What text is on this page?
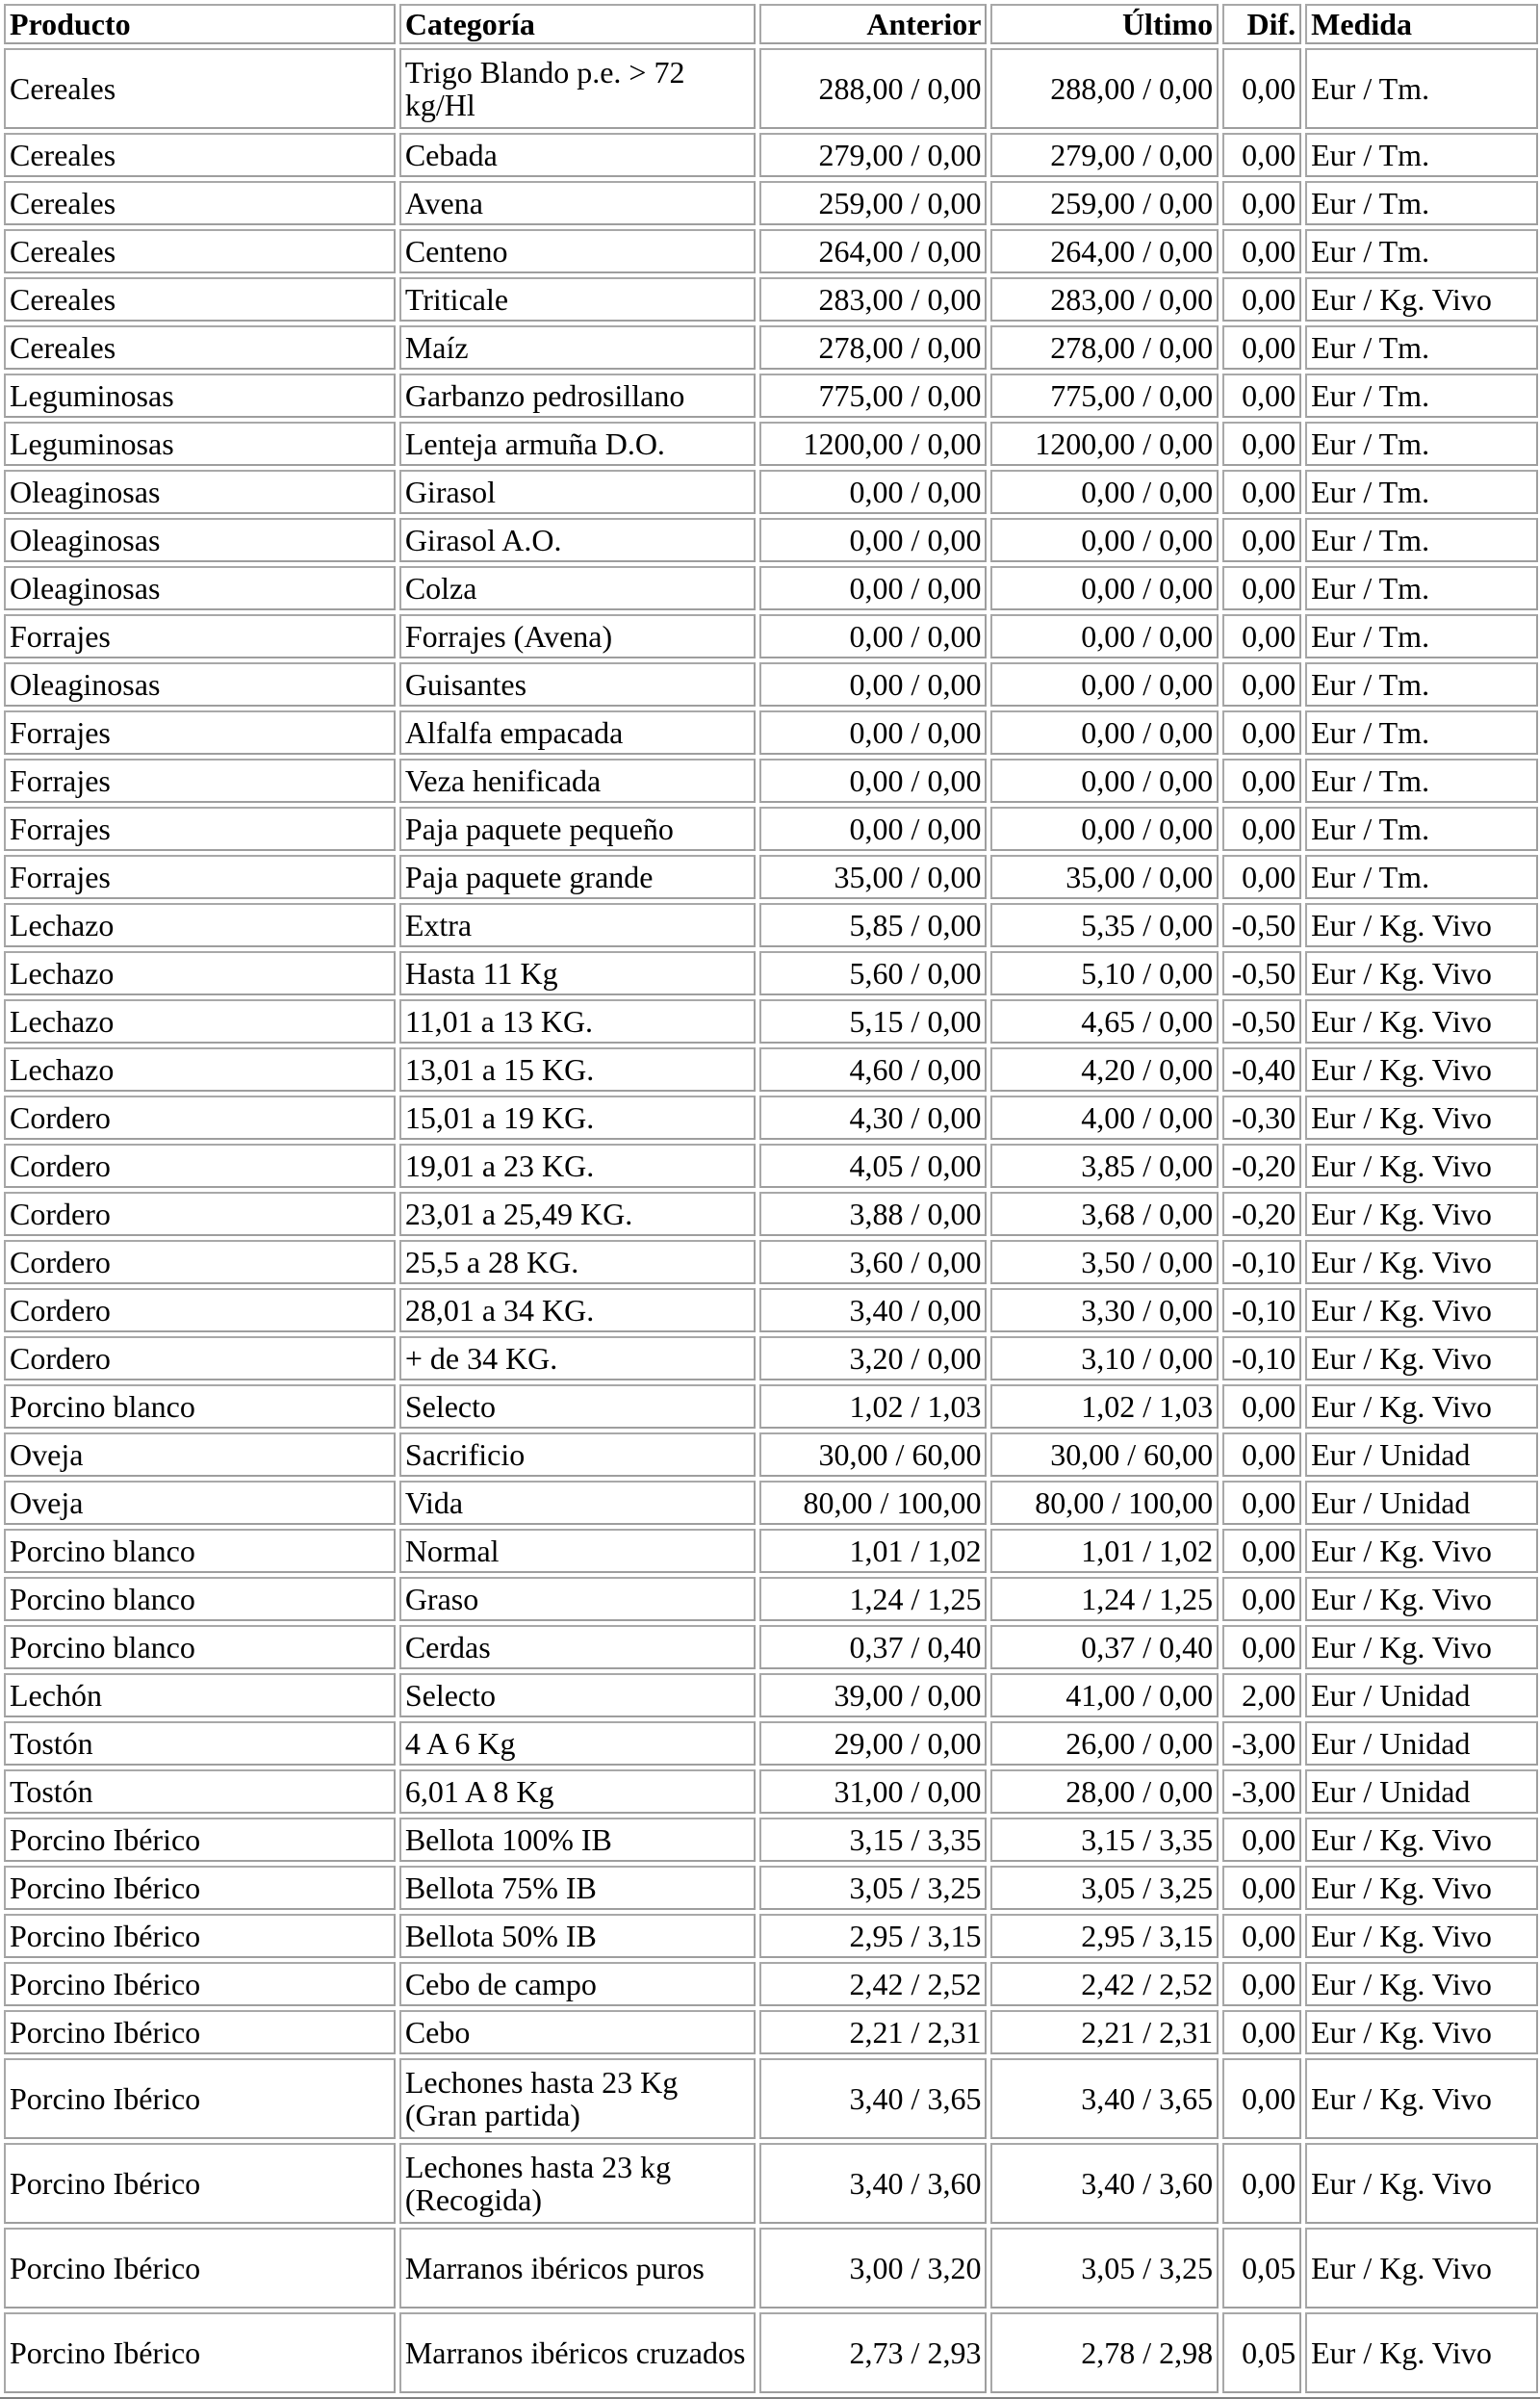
Producto	Categoría	Anterior	Último	Dif.	Medida
Cereales	Trigo Blando p.e. > 72 kg/Hl	288,00 / 0,00	288,00 / 0,00	0,00	Eur / Tm.
Cereales	Cebada	279,00 / 0,00	279,00 / 0,00	0,00	Eur / Tm.
Cereales	Avena	259,00 / 0,00	259,00 / 0,00	0,00	Eur / Tm.
Cereales	Centeno	264,00 / 0,00	264,00 / 0,00	0,00	Eur / Tm.
Cereales	Triticale	283,00 / 0,00	283,00 / 0,00	0,00	Eur / Kg. Vivo
Cereales	Maíz	278,00 / 0,00	278,00 / 0,00	0,00	Eur / Tm.
Leguminosas	Garbanzo pedrosillano	775,00 / 0,00	775,00 / 0,00	0,00	Eur / Tm.
Leguminosas	Lenteja armuña D.O.	1200,00 / 0,00	1200,00 / 0,00	0,00	Eur / Tm.
Oleaginosas	Girasol	0,00 / 0,00	0,00 / 0,00	0,00	Eur / Tm.
Oleaginosas	Girasol A.O.	0,00 / 0,00	0,00 / 0,00	0,00	Eur / Tm.
Oleaginosas	Colza	0,00 / 0,00	0,00 / 0,00	0,00	Eur / Tm.
Forrajes	Forrajes (Avena)	0,00 / 0,00	0,00 / 0,00	0,00	Eur / Tm.
Oleaginosas	Guisantes	0,00 / 0,00	0,00 / 0,00	0,00	Eur / Tm.
Forrajes	Alfalfa empacada	0,00 / 0,00	0,00 / 0,00	0,00	Eur / Tm.
Forrajes	Veza henificada	0,00 / 0,00	0,00 / 0,00	0,00	Eur / Tm.
Forrajes	Paja paquete pequeño	0,00 / 0,00	0,00 / 0,00	0,00	Eur / Tm.
Forrajes	Paja paquete grande	35,00 / 0,00	35,00 / 0,00	0,00	Eur / Tm.
Lechazo	Extra	5,85 / 0,00	5,35 / 0,00	-0,50	Eur / Kg. Vivo
Lechazo	Hasta 11 Kg	5,60 / 0,00	5,10 / 0,00	-0,50	Eur / Kg. Vivo
Lechazo	11,01 a 13 KG.	5,15 / 0,00	4,65 / 0,00	-0,50	Eur / Kg. Vivo
Lechazo	13,01 a 15 KG.	4,60 / 0,00	4,20 / 0,00	-0,40	Eur / Kg. Vivo
Cordero	15,01 a 19 KG.	4,30 / 0,00	4,00 / 0,00	-0,30	Eur / Kg. Vivo
Cordero	19,01 a 23 KG.	4,05 / 0,00	3,85 / 0,00	-0,20	Eur / Kg. Vivo
Cordero	23,01 a 25,49 KG.	3,88 / 0,00	3,68 / 0,00	-0,20	Eur / Kg. Vivo
Cordero	25,5 a 28 KG.	3,60 / 0,00	3,50 / 0,00	-0,10	Eur / Kg. Vivo
Cordero	28,01 a 34 KG.	3,40 / 0,00	3,30 / 0,00	-0,10	Eur / Kg. Vivo
Cordero	+ de 34 KG.	3,20 / 0,00	3,10 / 0,00	-0,10	Eur / Kg. Vivo
Porcino blanco	Selecto	1,02 / 1,03	1,02 / 1,03	0,00	Eur / Kg. Vivo
Oveja	Sacrificio	30,00 / 60,00	30,00 / 60,00	0,00	Eur / Unidad
Oveja	Vida	80,00 / 100,00	80,00 / 100,00	0,00	Eur / Unidad
Porcino blanco	Normal	1,01 / 1,02	1,01 / 1,02	0,00	Eur / Kg. Vivo
Porcino blanco	Graso	1,24 / 1,25	1,24 / 1,25	0,00	Eur / Kg. Vivo
Porcino blanco	Cerdas	0,37 / 0,40	0,37 / 0,40	0,00	Eur / Kg. Vivo
Lechón	Selecto	39,00 / 0,00	41,00 / 0,00	2,00	Eur / Unidad
Tostón	4 A 6 Kg	29,00 / 0,00	26,00 / 0,00	-3,00	Eur / Unidad
Tostón	6,01 A 8 Kg	31,00 / 0,00	28,00 / 0,00	-3,00	Eur / Unidad
Porcino Ibérico	Bellota 100% IB	3,15 / 3,35	3,15 / 3,35	0,00	Eur / Kg. Vivo
Porcino Ibérico	Bellota 75% IB	3,05 / 3,25	3,05 / 3,25	0,00	Eur / Kg. Vivo
Porcino Ibérico	Bellota 50% IB	2,95 / 3,15	2,95 / 3,15	0,00	Eur / Kg. Vivo
Porcino Ibérico	Cebo de campo	2,42 / 2,52	2,42 / 2,52	0,00	Eur / Kg. Vivo
Porcino Ibérico	Cebo	2,21 / 2,31	2,21 / 2,31	0,00	Eur / Kg. Vivo
Porcino Ibérico	Lechones hasta 23 Kg (Gran partida)	3,40 / 3,65	3,40 / 3,65	0,00	Eur / Kg. Vivo
Porcino Ibérico	Lechones hasta 23 kg (Recogida)	3,40 / 3,60	3,40 / 3,60	0,00	Eur / Kg. Vivo
Porcino Ibérico	Marranos ibéricos puros	3,00 / 3,20	3,05 / 3,25	0,05	Eur / Kg. Vivo
Porcino Ibérico	Marranos ibéricos cruzados	2,73 / 2,93	2,78 / 2,98	0,05	Eur / Kg. Vivo
